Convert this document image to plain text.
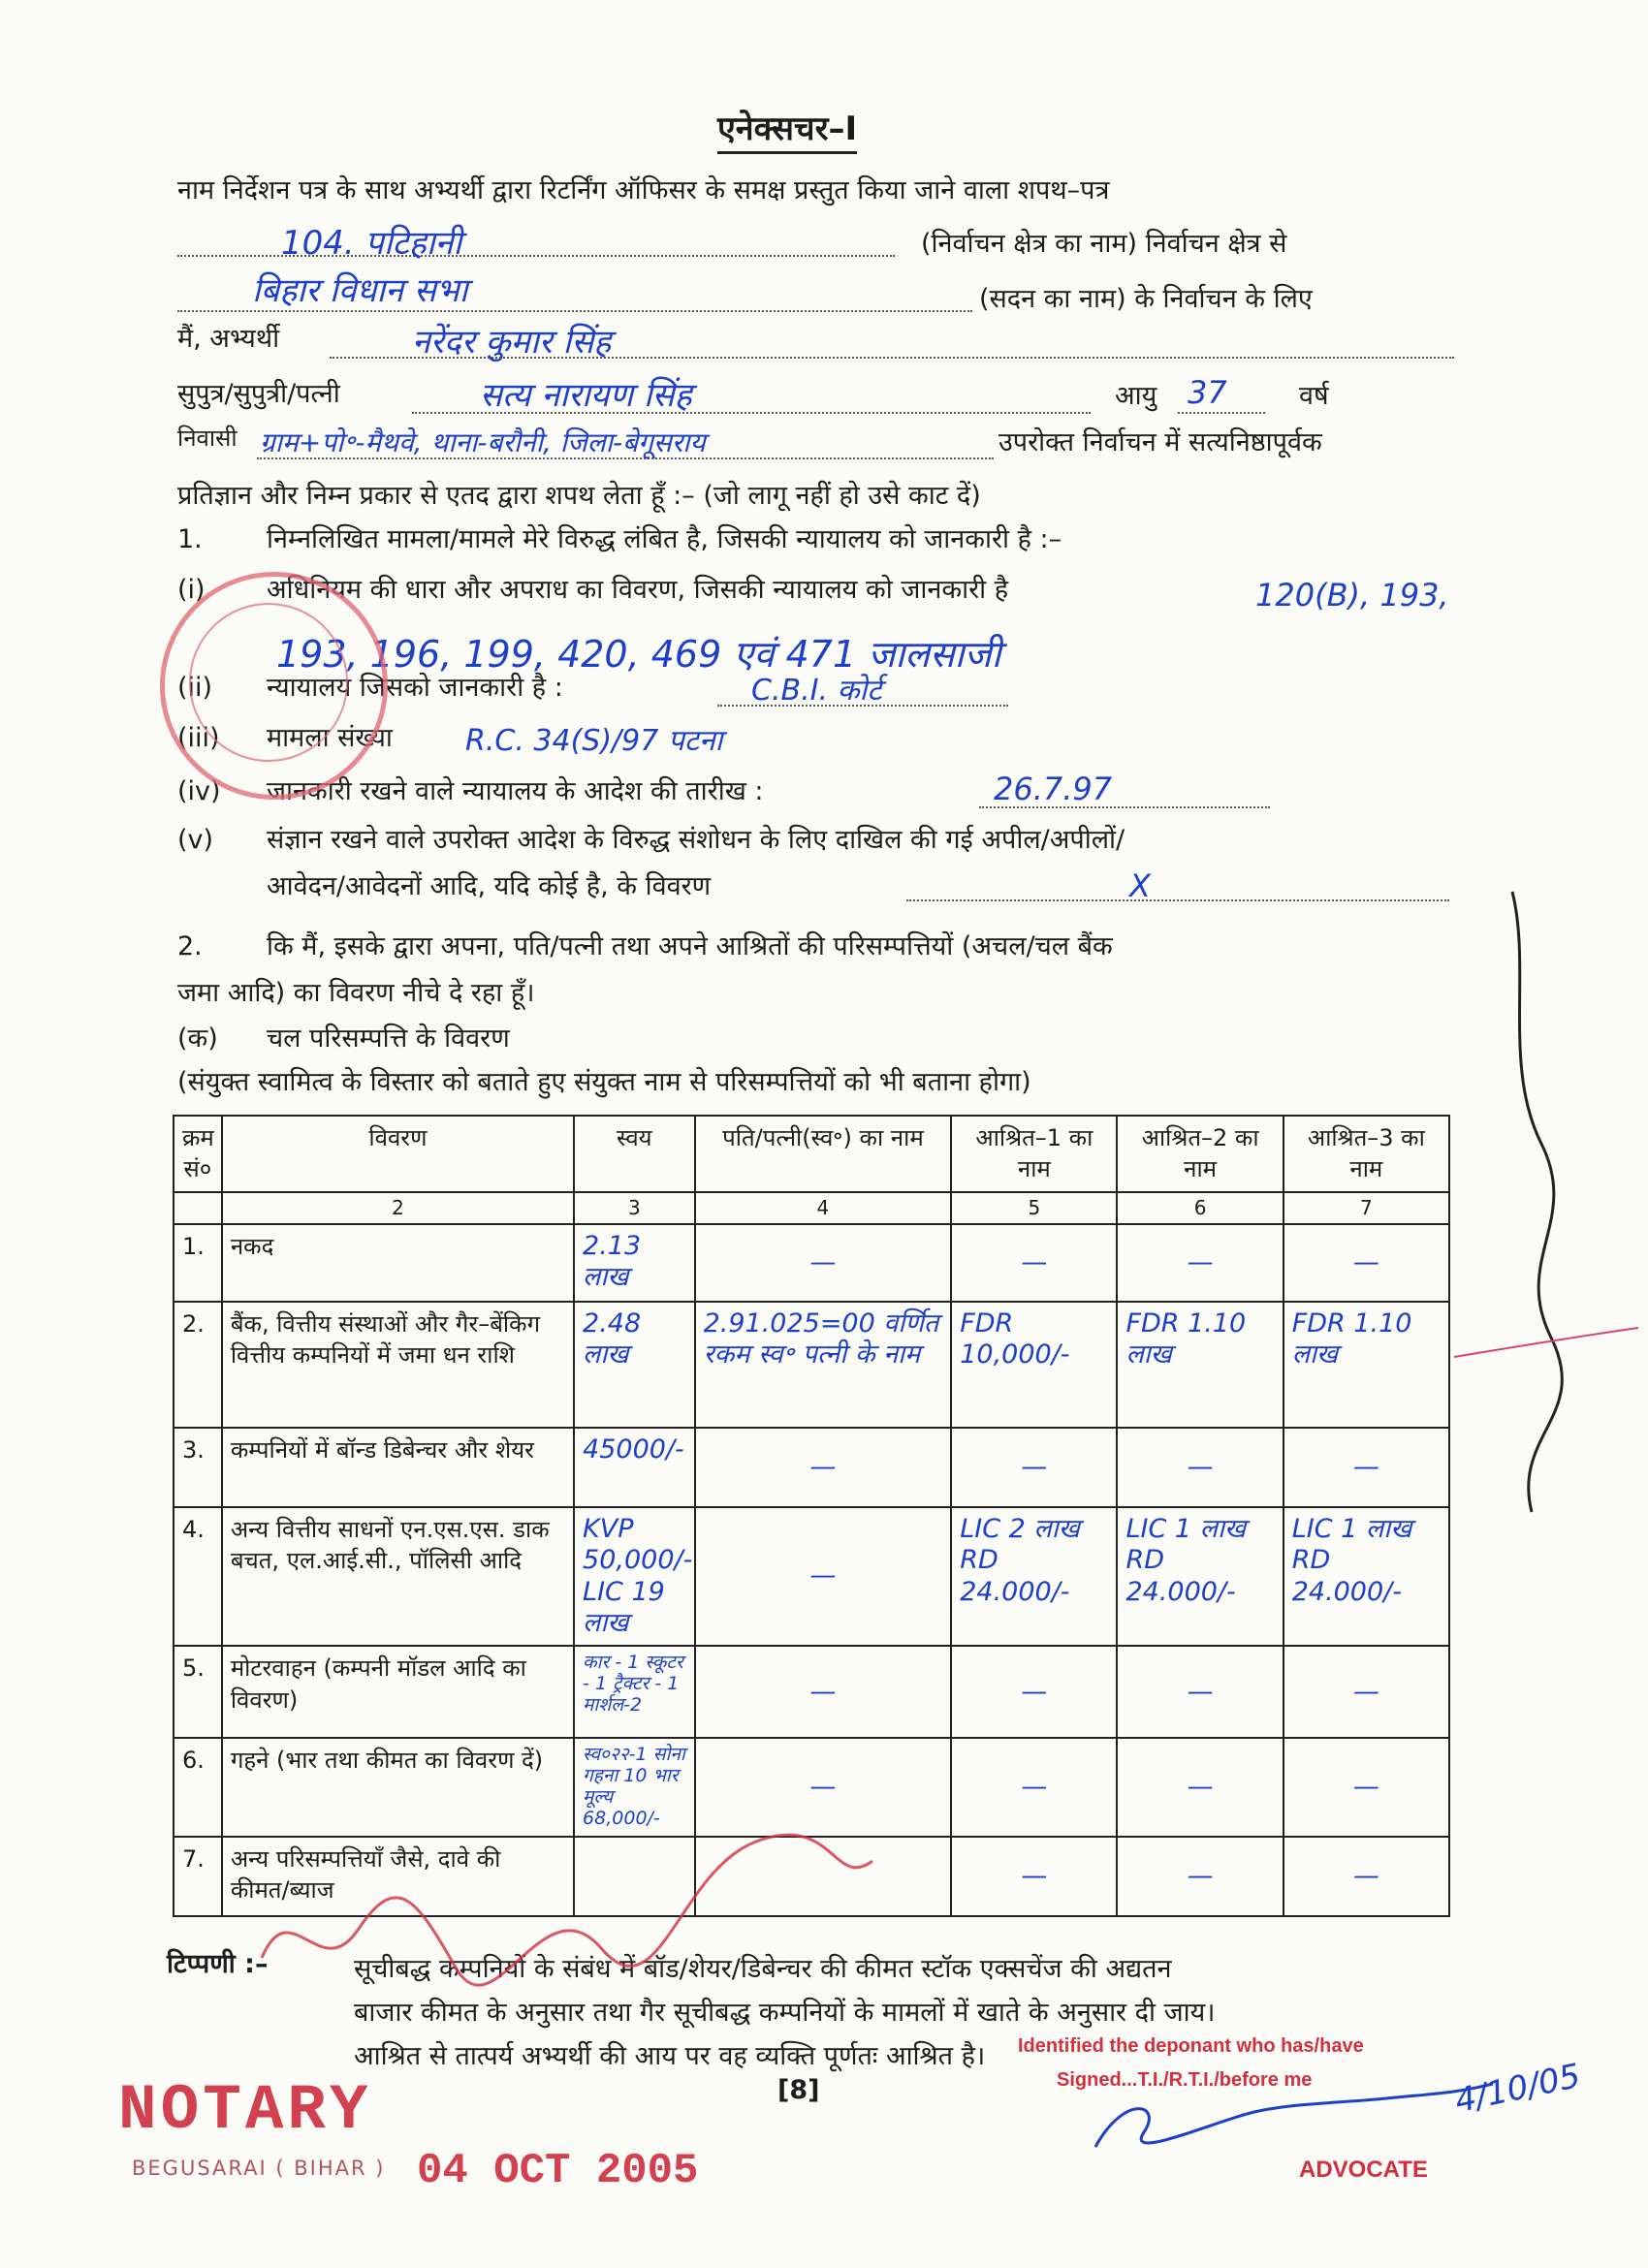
एनेक्सचर–I
नाम निर्देशन पत्र के साथ अभ्यर्थी द्वारा रिटर्निंग ऑफिसर के समक्ष प्रस्तुत किया जाने वाला शपथ–पत्र
104. पटिहानी	(निर्वाचन क्षेत्र का नाम) निर्वाचन क्षेत्र से
बिहार विधान सभा	(सदन का नाम) के निर्वाचन के लिए
मैं, अभ्यर्थी	नरेंदर कुमार सिंह
सुपुत्र/सुपुत्री/पत्नी	सत्य नारायण सिंह	आयु 37	वर्ष
निवासी ग्राम+पो॰-मैथवे, थाना-बरौनी, जिला-बेगूसराय	उपरोक्त निर्वाचन में सत्यनिष्ठापूर्वक
प्रतिज्ञान और निम्न प्रकार से एतद द्वारा शपथ लेता हूँ :– (जो लागू नहीं हो उसे काट दें)
1. निम्नलिखित मामला/मामले मेरे विरुद्ध लंबित है, जिसकी न्यायालय को जानकारी है :–
(i) अधिनियम की धारा और अपराध का विवरण, जिसकी न्यायालय को जानकारी है	120(B), 193,
193, 196, 199, 420, 469 एवं 471 जालसाजी
(ii) न्यायालय जिसको जानकारी है :	C.B.I. कोर्ट
(iii) मामला संख्या	R.C. 34(S)/97 पटना
(iv) जानकारी रखने वाले न्यायालय के आदेश की तारीख :	26.7.97
(v) संज्ञान रखने वाले उपरोक्त आदेश के विरुद्ध संशोधन के लिए दाखिल की गई अपील/अपीलों/
आवेदन/आवेदनों आदि, यदि कोई है, के विवरण	X
2. कि मैं, इसके द्वारा अपना, पति/पत्नी तथा अपने आश्रितों की परिसम्पत्तियों (अचल/चल बैंक
जमा आदि) का विवरण नीचे दे रहा हूँ।
(क) चल परिसम्पत्ति के विवरण
(संयुक्त स्वामित्व के विस्तार को बताते हुए संयुक्त नाम से परिसम्पत्तियों को भी बताना होगा)
क्रम सं०	विवरण	स्वय	पति/पत्नी(स्व॰) का नाम	आश्रित–1 का नाम	आश्रित–2 का नाम	आश्रित–3 का नाम
	2	3	4	5	6	7
1.	नकद	2.13 लाख	—	—	—	—
2.	बैंक, वित्तीय संस्थाओं और गैर–बेंकिग वित्तीय कम्पनियों में जमा धन राशि	2.48 लाख	2.91.025=00 वर्णित रकम स्व॰ पत्नी के नाम	FDR 10,000/-	FDR 1.10 लाख	FDR 1.10 लाख
3.	कम्पनियों में बॉन्ड डिबेन्चर और शेयर	45000/-	—	—	—	—
4.	अन्य वित्तीय साधनों एन.एस.एस. डाक बचत, एल.आई.सी., पॉलिसी आदि	KVP 50,000/- LIC 19 लाख	—	LIC 2 लाख RD 24.000/-	LIC 1 लाख RD 24.000/-	LIC 1 लाख RD 24.000/-
5.	मोटरवाहन (कम्पनी मॉडल आदि का विवरण)	कार - 1 स्कूटर - 1 ट्रैक्टर - 1 मार्शल-2	—	—	—	—
6.	गहने (भार तथा कीमत का विवरण दें)	स्व०२२-1 सोना गहना 10 भार मूल्य 68,000/-	—	—	—	—
7.	अन्य परिसम्पत्तियाँ जैसे, दावे की कीमत/ब्याज			—	—	—
टिप्पणी :–	सूचीबद्ध कम्पनियों के संबंध में बॉड/शेयर/डिबेन्चर की कीमत स्टॉक एक्सचेंज की अद्यतन
बाजार कीमत के अनुसार तथा गैर सूचीबद्ध कम्पनियों के मामलों में खाते के अनुसार दी जाय।
आश्रित से तात्पर्य अभ्यर्थी की आय पर वह व्यक्ति पूर्णतः आश्रित है।
[8]
NOTARY
BEGUSARAI ( BIHAR ) 04 OCT 2005
Identified the deponant who has/have
Signed...T.I./R.T.I./before me
ADVOCATE
4/10/05
